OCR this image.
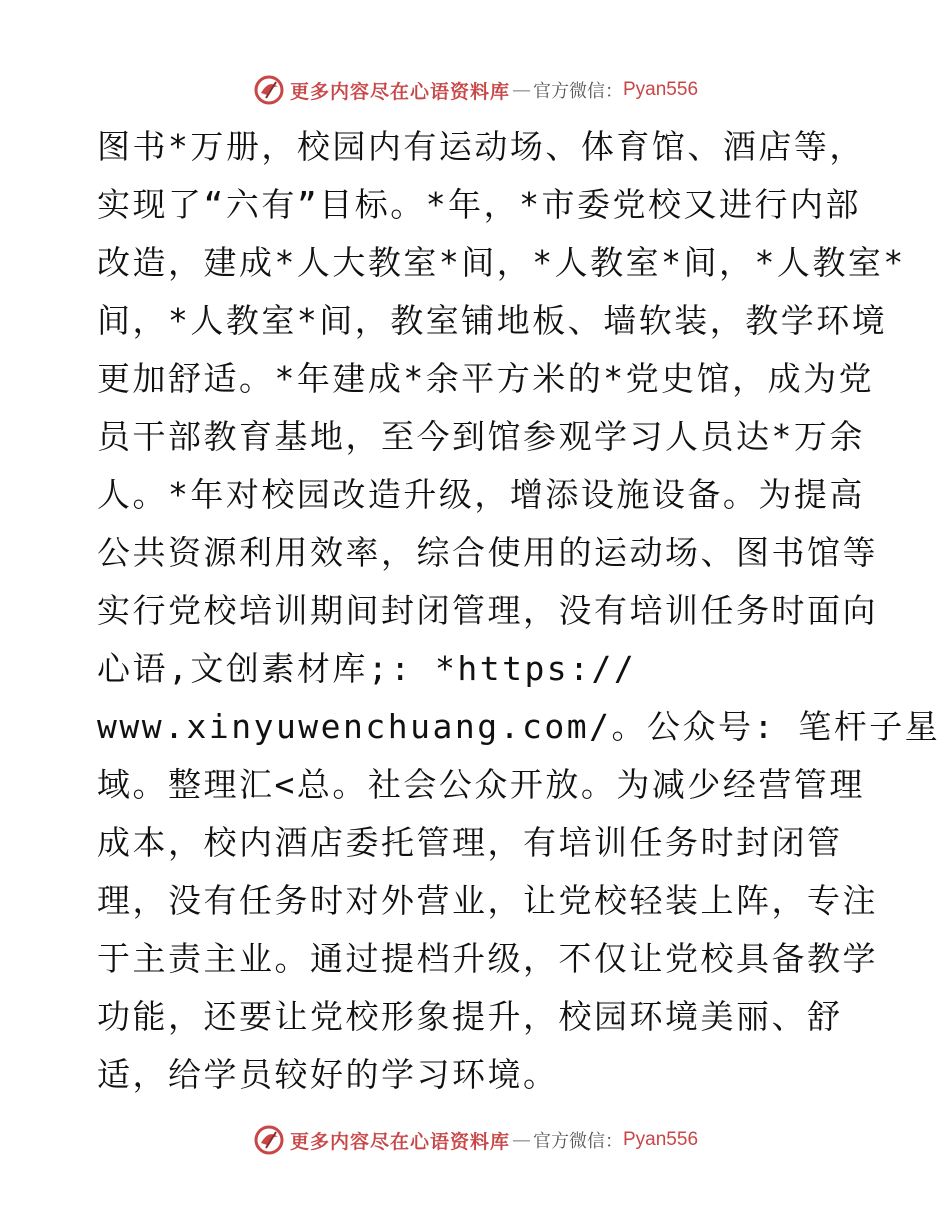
更多内容尽在心语资料库 — 官方微信： Pyan556
图书*万册，校园内有运动场、体育馆、酒店等，
实现了“六有”目标。*年，*市委党校又进行内部
改造，建成*人大教室*间，*人教室*间，*人教室*
间，*人教室*间，教室铺地板、墙软装，教学环境
更加舒适。*年建成*余平方米的*党史馆，成为党
员干部教育基地，至今到馆参观学习人员达*万余
人。*年对校园改造升级，增添设施设备。为提高
公共资源利用效率，综合使用的运动场、图书馆等
实行党校培训期间封闭管理，没有培训任务时面向
心语,文创素材库;: *https://
www.xinyuwenchuang.com/。公众号: 笔杆子星
域。整理汇<总。社会公众开放。为减少经营管理
成本，校内酒店委托管理，有培训任务时封闭管
理，没有任务时对外营业，让党校轻装上阵，专注
于主责主业。通过提档升级，不仅让党校具备教学
功能，还要让党校形象提升，校园环境美丽、舒
适，给学员较好的学习环境。
更多内容尽在心语资料库 — 官方微信： Pyan556
